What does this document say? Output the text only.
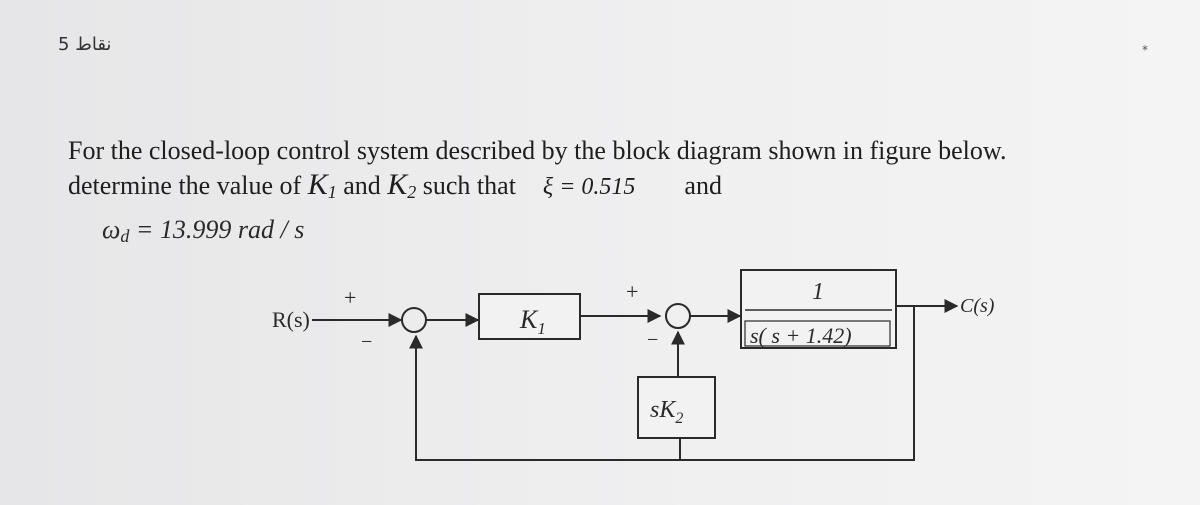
5 نقاط	*
For the closed-loop control system described by the block diagram shown in figure below.
determine the value of $K_1$ and $K_2$ such that ξ = 0.515 and
$\omega_d = 13.999$ rad / s
R(s)
+
−
$K_1$
+
−
1
s( s + 1.42)
C(s)
$sK_2$
